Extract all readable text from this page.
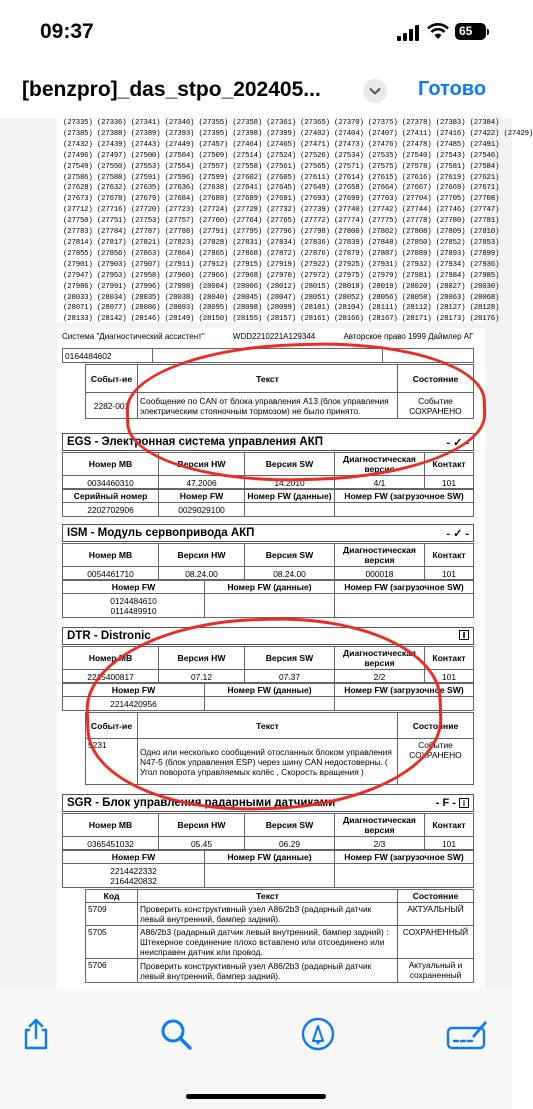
09:37	65
[benzpro]_das_stpo_202405...	Готово
(27335) (27336) (27341) (27346) (27355) (27358) (27361) (27365) (27370) (27375) (27378) (27383) (27384)
(27385) (27388) (27389) (27393) (27395) (27398) (27399) (27402) (27404) (27407) (27411) (27416) (27422) (27429)
(27432) (27439) (27443) (27449) (27457) (27464) (27465) (27471) (27473) (27476) (27478) (27485) (27491)
(27496) (27497) (27500) (27504) (27509) (27514) (27524) (27526) (27534) (27535) (27540) (27543) (27546)
(27549) (27550) (27553) (27554) (27557) (27558) (27561) (27565) (27571) (27575) (27578) (27581) (27584)
(27586) (27588) (27591) (27596) (27599) (27602) (27605) (27611) (27614) (27615) (27616) (27619) (27621)
(27628) (27632) (27635) (27636) (27638) (27641) (27645) (27649) (27658) (27664) (27667) (27669) (27671)
(27673) (27678) (27679) (27684) (27688) (27689) (27691) (27693) (27699) (27703) (27704) (27705) (27708)
(27712) (27716) (27720) (27723) (27724) (27728) (27732) (27739) (27740) (27742) (27744) (27746) (27747)
(27750) (27751) (27753) (27757) (27760) (27764) (27765) (27772) (27774) (27775) (27778) (27780) (27781)
(27783) (27784) (27787) (27788) (27791) (27795) (27796) (27798) (27800) (27802) (27808) (27809) (27810)
(27814) (27817) (27821) (27823) (27828) (27831) (27834) (27836) (27839) (27848) (27850) (27852) (27853)
(27855) (27856) (27863) (27864) (27865) (27868) (27872) (27876) (27879) (27887) (27889) (27893) (27899)
(27901) (27903) (27907) (27911) (27912) (27915) (27919) (27922) (27925) (27931) (27932) (27934) (27936)
(27947) (27953) (27958) (27960) (27966) (27968) (27970) (27972) (27975) (27979) (27981) (27984) (27985)
(27986) (27991) (27996) (27998) (28004) (28006) (28012) (28015) (28018) (28019) (28020) (28027) (28030)
(28033) (28034) (28035) (28038) (28040) (28045) (28047) (28051) (28052) (28056) (28058) (28063) (28068)
(28071) (28077) (28086) (28093) (28095) (28098) (28099) (28101) (28104) (28111) (28112) (28127) (28128)
(28133) (28142) (28146) (28149) (28150) (28155) (28157) (28161) (28166) (28167) (28171) (28173) (28176)
Система "Диагностический ассистент"	WDD2210221A129344	Авторское право 1999 Даймлер АГ
0164484602		
Событ-ие	Текст	Состояние
2282-001	Сообщение по CAN от блока управления A13 (блок управления электрическим стояночным тормозом) не было принято.	Событие СОХРАНЕНО
EGS - Электронная система управления АКП	- ✓ -
Номер MB	Версия HW	Версия SW	Диагностическая версия	Контакт
0034460310	47.2006	14.2010	4/1	101
Серийный номер	Номер FW	Номер FW (данные)	Номер FW (загрузочное SW)
2202702906	0029029100		
ISM - Модуль сервопривода АКП	- ✓ -
Номер MB	Версия HW	Версия SW	Диагностическая версия	Контакт
0054461710	08.24.00	08.24.00	000018	101
Номер FW	Номер FW (данные)	Номер FW (загрузочное SW)

0124484610
0114489910		

DTR - Distronic	i
Номер MB	Версия HW	Версия SW	Диагностическая версия	Контакт
2215400817	07.12	07.37	2/2	101
Номер FW	Номер FW (данные)	Номер FW (загрузочное SW)
2214420956		
Событ-ие	Текст	Состояние
5231	Одно или несколько сообщений отосланных блоком управления N47-5 (блок управления ESP) через шину CAN недостоверны. ( Угол поворота управляемых колёс , Скорость вращения )	Событие СОХРАНЕНО
SGR - Блок управления радарными датчиками	- F - i
Номер MB	Версия HW	Версия SW	Диагностическая версия	Контакт
0365451032	05.45	06.29	2/3	101
Номер FW	Номер FW (данные)	Номер FW (загрузочное SW)

2214422332
2164420832		

Код	Текст	Состояние
5709	Проверить конструктивный узел A86/2b3 (радарный датчик левый внутренний, бампер задний).	АКТУАЛЬНЫЙ
5705	A86/2b3 (радарный датчик левый внутренний, бампер задний) : Штекерное соединение плохо вставлено или отсоединено или неисправен датчик или провод.	СОХРАНЕННЫЙ
5706	Проверить конструктивный узел A86/2b3 (радарный датчик левый внутренний, бампер задний).	Актуальный и сохраненный
